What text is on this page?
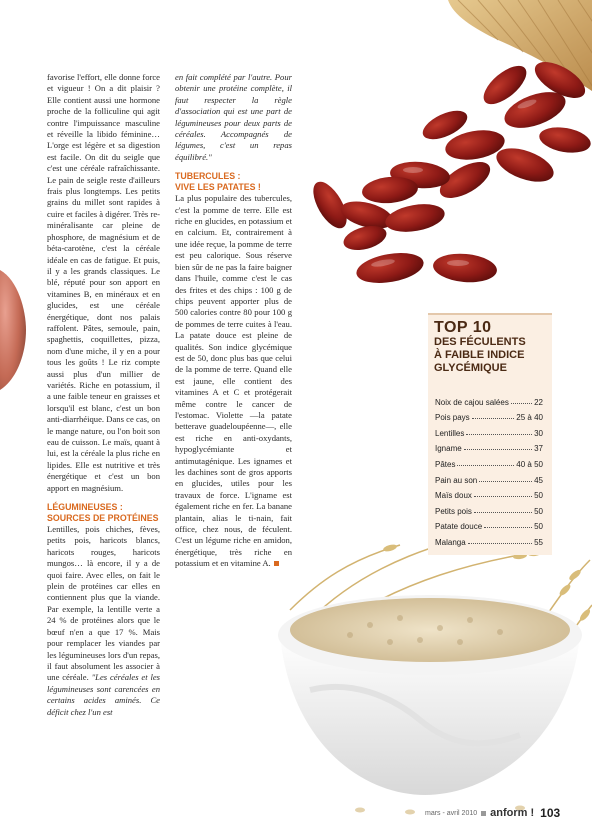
favorise l'effort, elle donne force et vigueur ! On a dit plaisir ? Elle contient aussi une hormone proche de la folliculine qui agit contre l'impuissance masculine et réveille la libido féminine… L'orge est légère et sa digestion est facile. On dit du seigle que c'est une céréale rafraîchissante. Le pain de seigle reste d'ailleurs frais plus longtemps. Les petits grains du millet sont rapides à cuire et faciles à digérer. Très re-minéralisante car pleine de phosphore, de magnésium et de béta-carotène, c'est la céréale idéale en cas de fatigue. Et puis, il y a les grands classiques. Le blé, réputé pour son apport en vitamines B, en minéraux et en glucides, est une céréale énergétique, dont nos palais raffolent. Pâtes, semoule, pain, spaghettis, coquillettes, pizza, nom d'une miche, il y en a pour tous les goûts ! Le riz compte aussi plus d'un millier de variétés. Riche en potassium, il a une faible teneur en graisses et lorsqu'il est blanc, c'est un bon anti-diarrhéique. Dans ce cas, on le mange nature, ou l'on boit son eau de cuisson. Le maïs, quant à lui, est la céréale la plus riche en lipides. Elle est nutritive et très énergétique et c'est un bon apport en magnésium.

LÉGUMINEUSES :
SOURCES DE PROTÉINES

Lentilles, pois chiches, fèves, petits pois, haricots blancs, haricots rouges, haricots mungos… là encore, il y a de quoi faire. Avec elles, on fait le plein de protéines car elles en contiennent plus que la viande. Par exemple, la lentille verte a 24 % de protéines alors que le bœuf n'en a que 17 %. Mais pour remplacer les viandes par les légumineuses lors d'un repas, il faut absolument les associer à une céréale. "Les céréales et les légumineuses sont carencées en certains acides aminés. Ce déficit chez l'un est

en fait complété par l'autre. Pour obtenir une protéine complète, il faut respecter la règle d'association qui est une part de légumineuses pour deux parts de céréales. Accompagnés de légumes, c'est un repas équilibré."

TUBERCULES :
VIVE LES PATATES !

La plus populaire des tubercules, c'est la pomme de terre. Elle est riche en glucides, en potassium et en calcium. Et, contrairement à une idée reçue, la pomme de terre est peu calorique. Sous réserve bien sûr de ne pas la faire baigner dans l'huile, comme c'est le cas des frites et des chips : 100 g de chips peuvent apporter plus de 500 calories contre 80 pour 100 g de pommes de terre cuites à l'eau. La patate douce est pleine de qualités. Son indice glycémique est de 50, donc plus bas que celui de la pomme de terre. Quand elle est jaune, elle contient des vitamines A et C et protégerait même contre le cancer de l'estomac. Violette —la patate betterave guadeloupéenne—, elle est riche en anti-oxydants, hypoglycémiante et antimutagénique. Les ignames et les dachines sont de gros apports en glucides, utiles pour les travaux de force. L'igname est également riche en fer. La banane plantain, alias le ti-nain, fait office, chez nous, de féculent. C'est un légume riche en amidon, énergétique, très riche en potassium et en vitamine A.

TOP 10
DES FÉCULENTS
À FAIBLE INDICE
GLYCÉMIQUE
Noix de cajou salées	22
Pois pays	25 à 40
Lentilles	30
Igname	37
Pâtes	40 à 50
Pain au son	45
Maïs doux	50
Petits pois	50
Patate douce	50
Malanga	55
mars - avril 2010 anform ! 103
